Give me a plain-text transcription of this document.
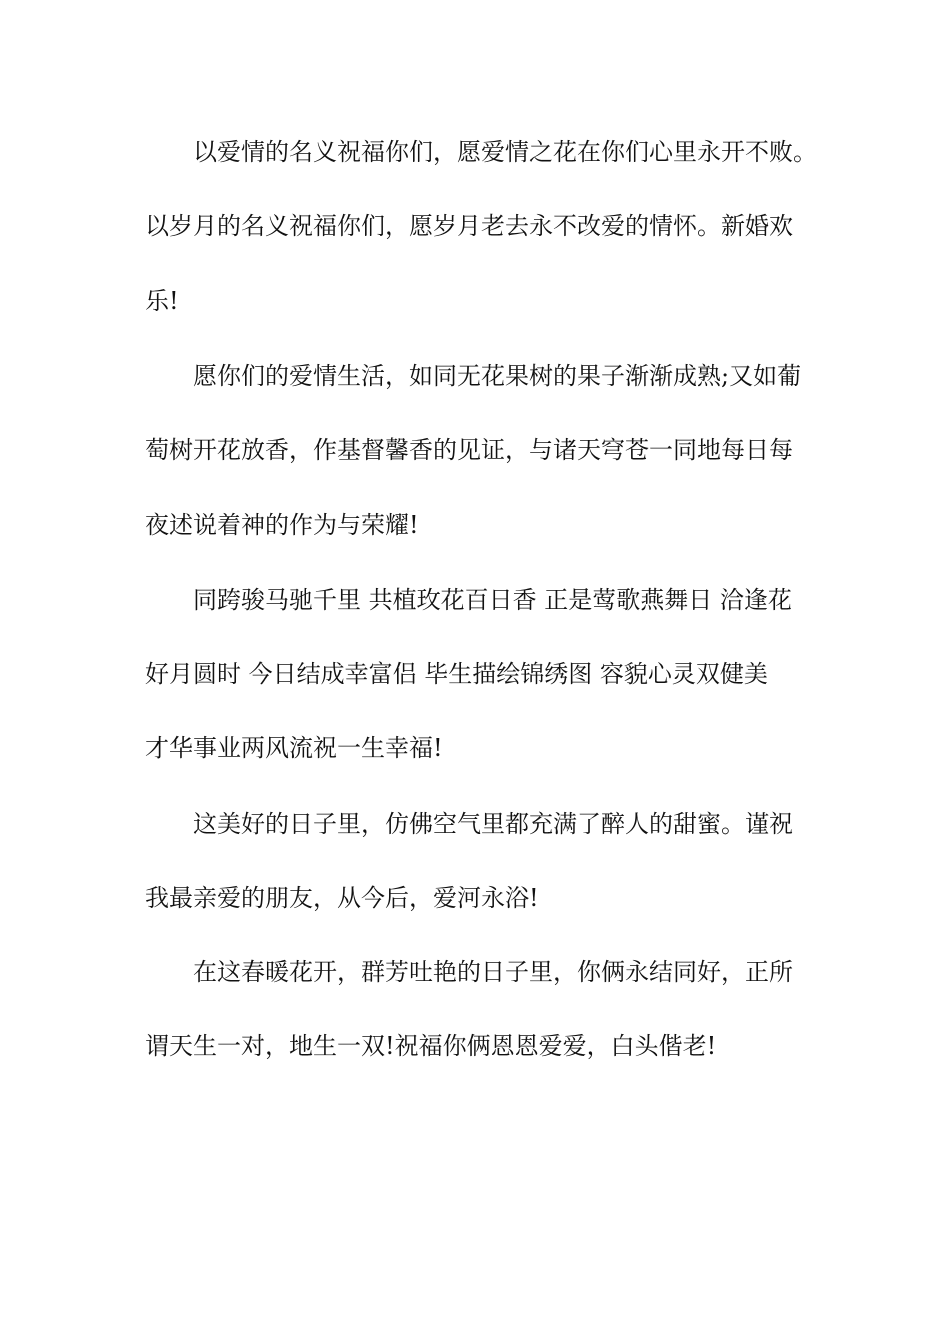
以爱情的名义祝福你们，愿爱情之花在你们心里永开不败。

以岁月的名义祝福你们，愿岁月老去永不改爱的情怀。新婚欢

乐!

愿你们的爱情生活，如同无花果树的果子渐渐成熟;又如葡

萄树开花放香，作基督馨香的见证，与诸天穹苍一同地每日每

夜述说着神的作为与荣耀!

同跨骏马驰千里 共植玫花百日香 正是莺歌燕舞日 洽逢花

好月圆时 今日结成幸富侣 毕生描绘锦绣图 容貌心灵双健美

才华事业两风流祝一生幸福!

这美好的日子里，仿佛空气里都充满了醉人的甜蜜。谨祝

我最亲爱的朋友，从今后，爱河永浴!

在这春暖花开，群芳吐艳的日子里，你俩永结同好，正所

谓天生一对，地生一双!祝福你俩恩恩爱爱，白头偕老!
